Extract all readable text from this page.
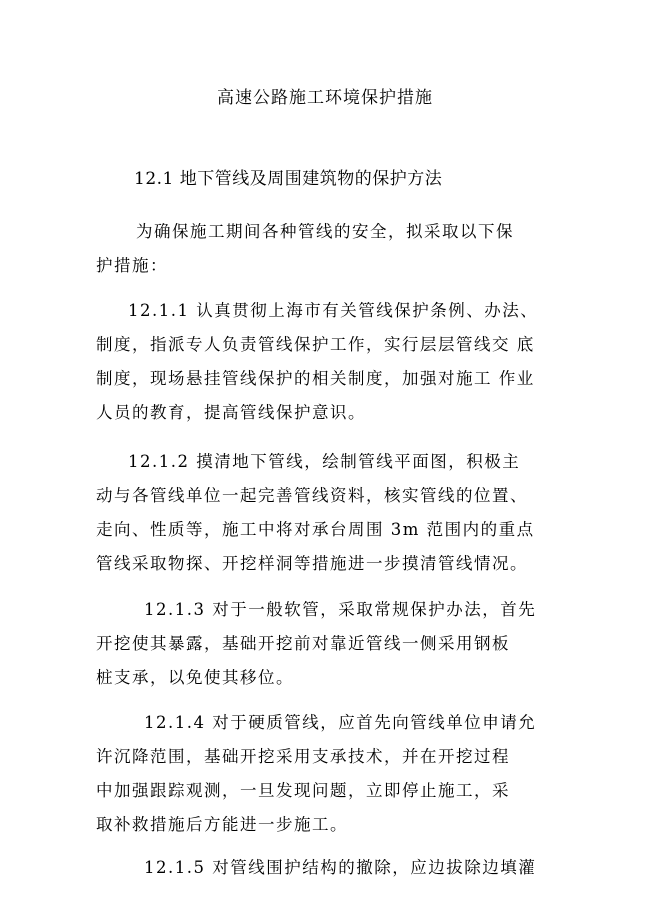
高速公路施工环境保护措施
12.1 地下管线及周围建筑物的保护方法
为确保施工期间各种管线的安全，拟采取以下保
护措施：
12.1.1 认真贯彻上海市有关管线保护条例、办法、
制度，指派专人负责管线保护工作，实行层层管线交 底
制度，现场悬挂管线保护的相关制度，加强对施工 作业
人员的教育，提高管线保护意识。
12.1.2 摸清地下管线，绘制管线平面图，积极主
动与各管线单位一起完善管线资料，核实管线的位置、
走向、性质等，施工中将对承台周围 3m 范围内的重点
管线采取物探、开挖样洞等措施进一步摸清管线情况。
12.1.3 对于一般软管，采取常规保护办法，首先
开挖使其暴露，基础开挖前对靠近管线一侧采用钢板
桩支承，以免使其移位。
12.1.4 对于硬质管线，应首先向管线单位申请允
许沉降范围，基础开挖采用支承技术，并在开挖过程
中加强跟踪观测，一旦发现问题，立即停止施工，采
取补救措施后方能进一步施工。
12.1.5 对管线围护结构的撤除，应边拔除边填灌
